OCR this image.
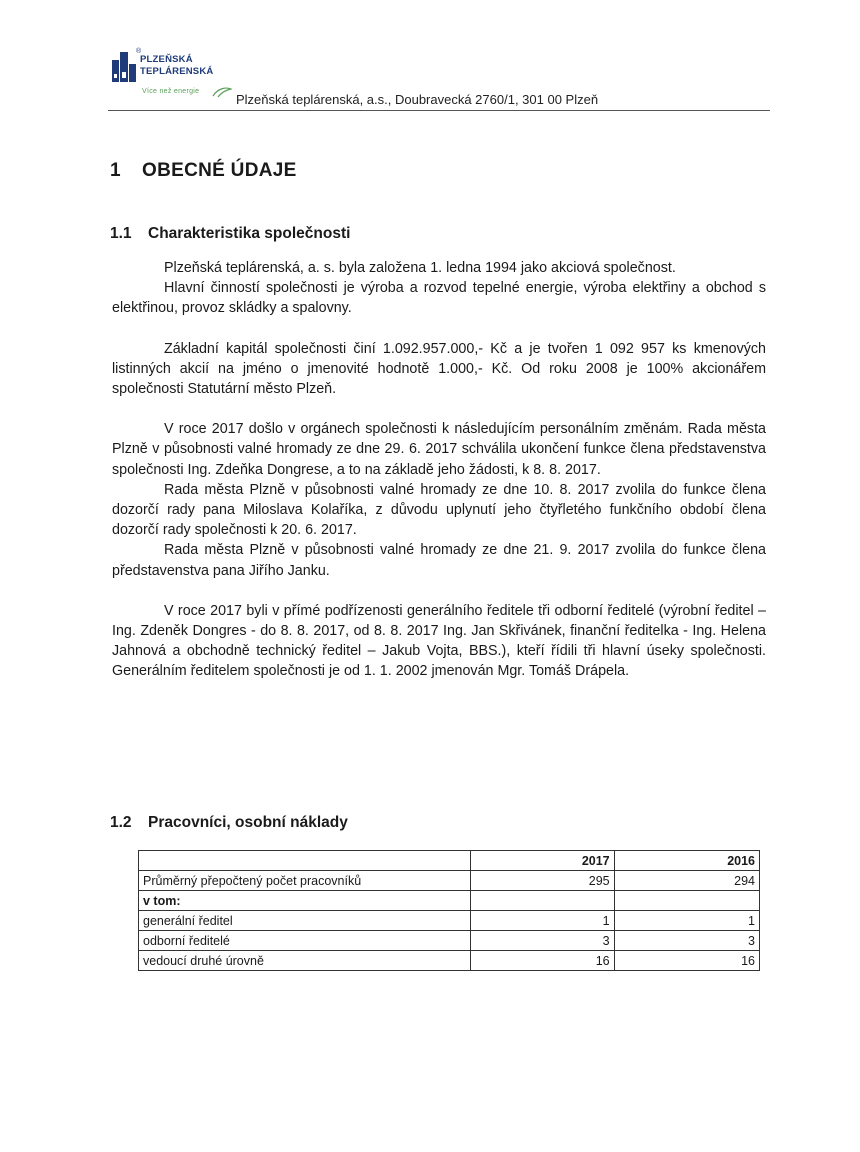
®
PLZEŇSKÁ
TEPLÁRENSKÁ
Více než energie
Plzeňská teplárenská, a.s., Doubravecká 2760/1, 301 00 Plzeň
1 OBECNÉ ÚDAJE
1.1 Charakteristika společnosti

Plzeňská teplárenská, a. s. byla založena 1. ledna 1994 jako akciová společnost.

Hlavní činností společnosti je výroba a rozvod tepelné energie, výroba elektřiny a obchod s elektřinou, provoz skládky a spalovny.

Základní kapitál společnosti činí 1.092.957.000,- Kč a je tvořen 1 092 957 ks kmenových listinných akcií na jméno o jmenovité hodnotě 1.000,- Kč. Od roku 2008 je 100% akcionářem společnosti Statutární město Plzeň.

V roce 2017 došlo v orgánech společnosti k následujícím personálním změnám. Rada města Plzně v působnosti valné hromady ze dne 29. 6. 2017 schválila ukončení funkce člena představenstva společnosti Ing. Zdeňka Dongrese, a to na základě jeho žádosti, k 8. 8. 2017.

Rada města Plzně v působnosti valné hromady ze dne 10. 8. 2017 zvolila do funkce člena dozorčí rady pana Miloslava Kolaříka, z důvodu uplynutí jeho čtyřletého funkčního období člena dozorčí rady společnosti k 20. 6. 2017.

Rada města Plzně v působnosti valné hromady ze dne 21. 9. 2017 zvolila do funkce člena představenstva pana Jiřího Janku.

V roce 2017 byli v přímé podřízenosti generálního ředitele tři odborní ředitelé (výrobní ředitel – Ing. Zdeněk Dongres - do 8. 8. 2017, od 8. 8. 2017 Ing. Jan Skřivánek, finanční ředitelka - Ing. Helena Jahnová a obchodně technický ředitel – Jakub Vojta, BBS.), kteří řídili tři hlavní úseky společnosti. Generálním ředitelem společnosti je od 1. 1. 2002 jmenován Mgr. Tomáš Drápela.

1.2 Pracovníci, osobní náklady
	2017	2016
Průměrný přepočtený počet pracovníků	295	294
v tom:		
generální ředitel	1	1
odborní ředitelé	3	3
vedoucí druhé úrovně	16	16
